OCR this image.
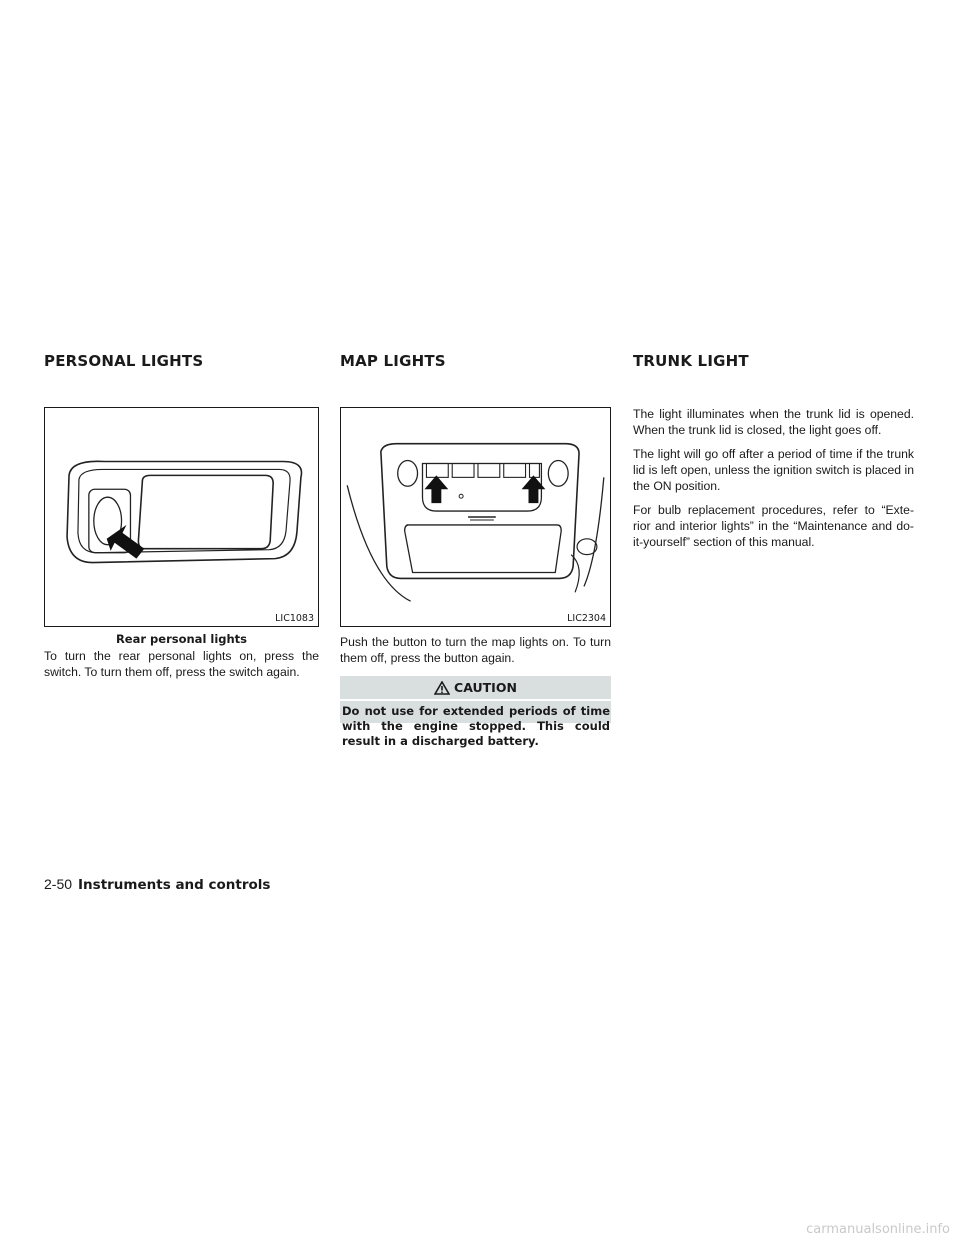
PERSONAL LIGHTS
LIC1083

Rear personal lights

To turn the rear personal lights on, press the switch. To turn them off, press the switch again.

MAP LIGHTS
LIC2304

Push the button to turn the map lights on. To turn them off, press the button again.

CAUTION

Do not use for extended periods of time with the engine stopped. This could result in a discharged battery.

TRUNK LIGHT

The light illuminates when the trunk lid is opened. When the trunk lid is closed, the light goes off.

The light will go off after a period of time if the trunk lid is left open, unless the ignition switch is placed in the ON position.

For bulb replacement procedures, refer to “Exte- rior and interior lights” in the “Maintenance and do-it-yourself” section of this manual.

2-50 Instruments and controls
carmanualsonline.info
